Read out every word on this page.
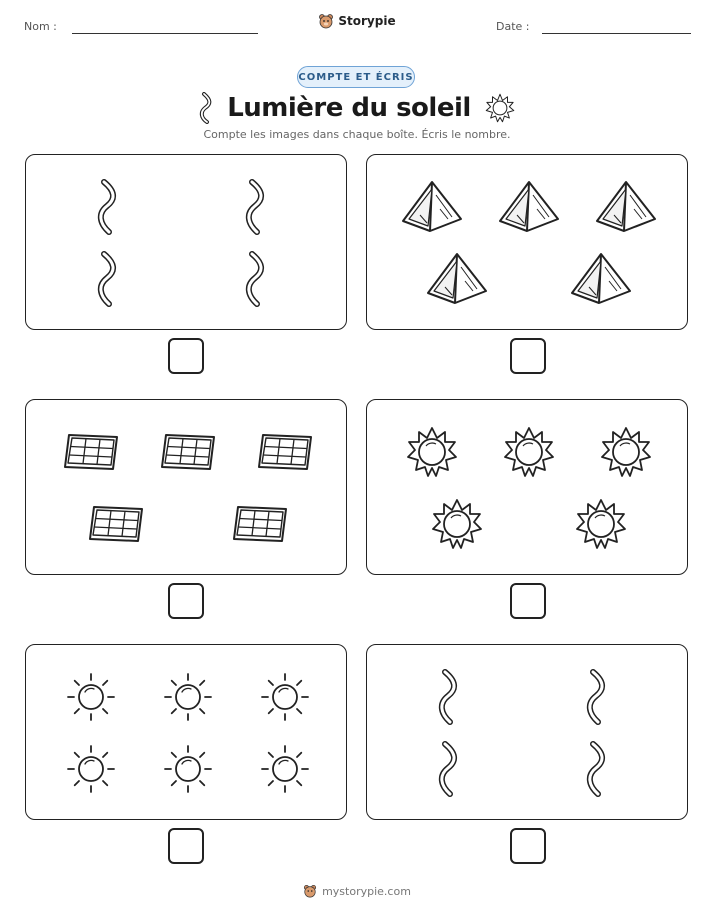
Nom :	Storypie	Date :
COMPTE ET ÉCRIS
Lumière du soleil
Compte les images dans chaque boîte. Écris le nombre.
mystorypie.com
